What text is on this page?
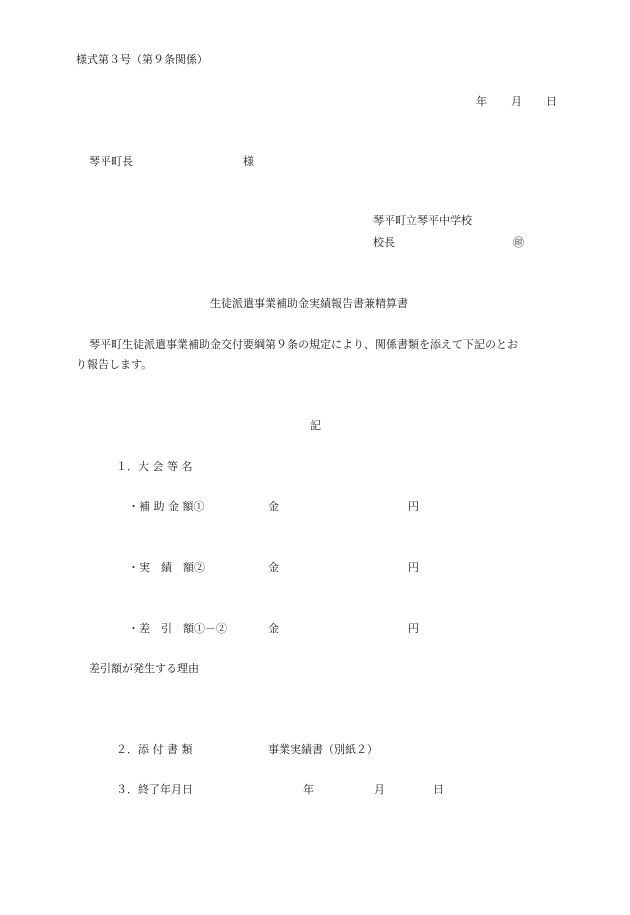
様式第３号（第９条関係）
年 月 日
琴平町長	様
琴平町立琴平中学校
校長	㊞
生徒派遣事業補助金実績報告書兼精算書
琴平町生徒派遣事業補助金交付要綱第９条の規定により、関係書類を添えて下記のとお
り報告します。
記
１．大 会 等 名
・補 助 金 額①	金	円
・実　績　額②	金	円
・差　引　額①－②	金	円
差引額が発生する理由
２．添 付 書 類	事業実績書（別紙２）
３．終了年月日	年	月	日
